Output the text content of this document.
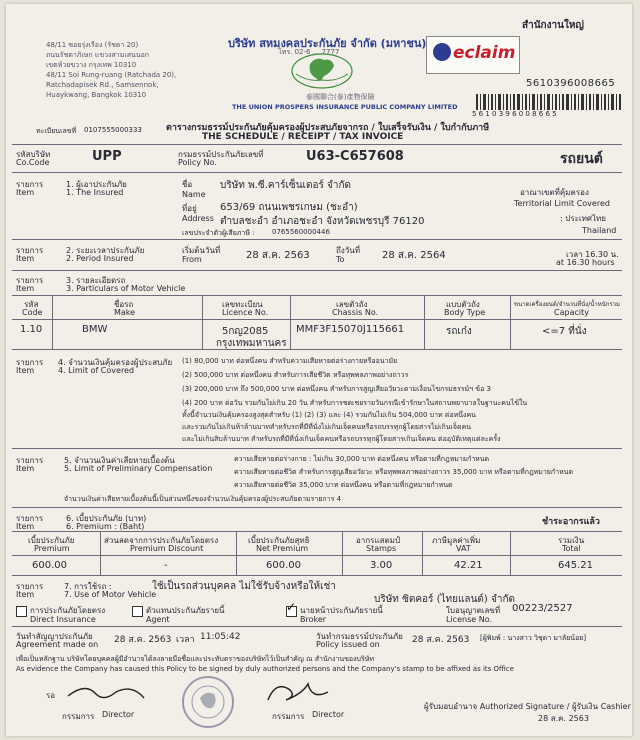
สำนักงานใหญ่
48/11 ซอยรุ่งเรือง (รัชดา 20)
ถนนรัชดาภิเษก แขวงสามเสนนอก
เขตห้วยขวาง กรุงเทพ 10310
48/11 Soi Rung-ruang (Ratchada 20),
Ratchadapisek Rd., Samsennok,
Huaykwang, Bangkok 10310
บริษัท สหมงคลประกันภัย จำกัด (มหาชน)
โทร. 02-6 ... 7777
泰國聯合(泰)產物保險
THE UNION PROSPERS INSURANCE PUBLIC COMPANY LIMITED
eclaim
5610396008665
5 6 1 0 3 9 6 0 0 8 6 6 5
ทะเบียนเลขที่ 0107555000333	ตารางกรมธรรม์ประกันภัยคุ้มครองผู้ประสบภัยจากรถ / ใบเสร็จรับเงิน / ใบกำกับภาษี
THE SCHEDULE / RECEIPT / TAX INVOICE
รหัสบริษัท
Co.Code	UPP	กรมธรรม์ประกันภัยเลขที่
Policy No.	U63-C657608	รถยนต์
รายการ
Item
1. ผู้เอาประกันภัย
1. The Insured
ชื่อ
Name
บริษัท พ.ซี.คาร์เซ็นเตอร์ จำกัด
ที่อยู่
Address
653/69 ถนนเพชรเกษม (ชะอำ)
ตำบลชะอำ อำเภอชะอำ จังหวัดเพชรบุรี 76120
เลขประจำตัวผู้เสียภาษี : 0765560000446
อาณาเขตที่คุ้มครอง
Territorial Limit Covered
: ประเทศไทย
Thailand
รายการ
Item
2. ระยะเวลาประกันภัย
2. Period Insured
เริ่มต้นวันที่
From	28 ส.ค. 2563	ถึงวันที่
To	28 ส.ค. 2564	เวลา 16.30 น.
at 16.30 hours
รายการ
Item
3. รายละเอียดรถ
3. Particulars of Motor Vehicle
รหัส
Code
ชื่อรถ
Make
เลขทะเบียน
Licence No.
เลขตัวถัง
Chassis No.
แบบตัวถัง
Body Type
ขนาดเครื่องยนต์/จำนวนที่นั่ง/น้ำหนักรวม
Capacity
1.10	BMW	5กญ2085
กรุงเทพมหานคร
MMF3F15070J115661	รถเก๋ง	<=7 ที่นั่ง
รายการ
Item
4. จำนวนเงินคุ้มครองผู้ประสบภัย
4. Limit of Covered
(1) 80,000 บาท ต่อหนึ่งคน สำหรับความเสียหายต่อร่างกายหรืออนามัย
(2) 500,000 บาท ต่อหนึ่งคน สำหรับการเสียชีวิต หรือทุพพลภาพอย่างถาวร
(3) 200,000 บาท ถึง 500,000 บาท ต่อหนึ่งคน สำหรับการสูญเสียอวัยวะตามเงื่อนไขกรมธรรม์ฯ ข้อ 3
(4) 200 บาท ต่อวัน รวมกันไม่เกิน 20 วัน สำหรับการชดเชยรายวันกรณีเข้ารักษาในสถานพยาบาลในฐานะคนไข้ใน
ทั้งนี้จำนวนเงินคุ้มครองสูงสุดสำหรับ (1) (2) (3) และ (4) รวมกันไม่เกิน 504,000 บาท ต่อหนึ่งคน
และรวมกันไม่เกินห้าล้านบาทสำหรับรถที่มีที่นั่งไม่เกินเจ็ดคนหรือรถบรรทุกผู้โดยสารไม่เกินเจ็ดคน
และไม่เกินสิบล้านบาท สำหรับรถที่มีที่นั่งเกินเจ็ดคนหรือรถบรรทุกผู้โดยสารเกินเจ็ดคน ต่ออุบัติเหตุแต่ละครั้ง
รายการ
Item
5. จำนวนเงินค่าเสียหายเบื้องต้น
5. Limit of Preliminary Compensation
ความเสียหายต่อร่างกาย : ไม่เกิน 30,000 บาท ต่อหนึ่งคน หรือตามที่กฎหมายกำหนด
ความเสียหายต่อชีวิต สำหรับการสูญเสียอวัยวะ หรือทุพพลภาพอย่างถาวร 35,000 บาท หรือตามที่กฎหมายกำหนด
ความเสียหายต่อชีวิต 35,000 บาท ต่อหนึ่งคน หรือตามที่กฎหมายกำหนด
จำนวนเงินค่าเสียหายเบื้องต้นนี้เป็นส่วนหนึ่งของจำนวนเงินคุ้มครองผู้ประสบภัยตามรายการ 4
รายการ
Item
6. เบี้ยประกันภัย (บาท)
6. Premium : (Baht)	ชำระอากรแล้ว
เบี้ยประกันภัย
Premium
ส่วนลดจากการประกันภัยโดยตรง
Premium Discount
เบี้ยประกันภัยสุทธิ
Net Premium
อากรแสตมป์
Stamps
ภาษีมูลค่าเพิ่ม
VAT
รวมเงิน
Total
600.00	-	600.00	3.00	42.21	645.21
รายการ
Item
7. การใช้รถ :
7. Use of Motor Vehicle
ใช้เป็นรถส่วนบุคคล ไม่ใช้รับจ้างหรือให้เช่า
บริษัท ซิตคอร์ (ไทยแลนด์) จำกัด
การประกันภัยโดยตรง
Direct Insurance
ตัวแทนประกันภัยรายนี้
Agent
✓ นายหน้าประกันภัยรายนี้
Broker
ใบอนุญาตเลขที่
License No.
00223/2527
วันทำสัญญาประกันภัย
Agreement made on 28 ส.ค. 2563 เวลา 11:05:42	วันทำกรมธรรม์ประกันภัย
Policy issued on	28 ส.ค. 2563 [ผู้พิมพ์ : นางสาว วิชุดา มาลัยน้อย]
เพื่อเป็นหลักฐาน บริษัทโดยบุคคลผู้มีอำนาจได้ลงลายมือชื่อและประทับตราของบริษัทไว้เป็นสำคัญ ณ สำนักงานของบริษัท
As evidence the Company has caused this Policy to be signed by duly authorized persons and the Company's stamp to be affixed as its Office
รอ
กรรมการ Director	กรรมการ Director
ผู้รับมอบอำนาจ Authorized Signature / ผู้รับเงิน Cashier
28 ส.ค. 2563
